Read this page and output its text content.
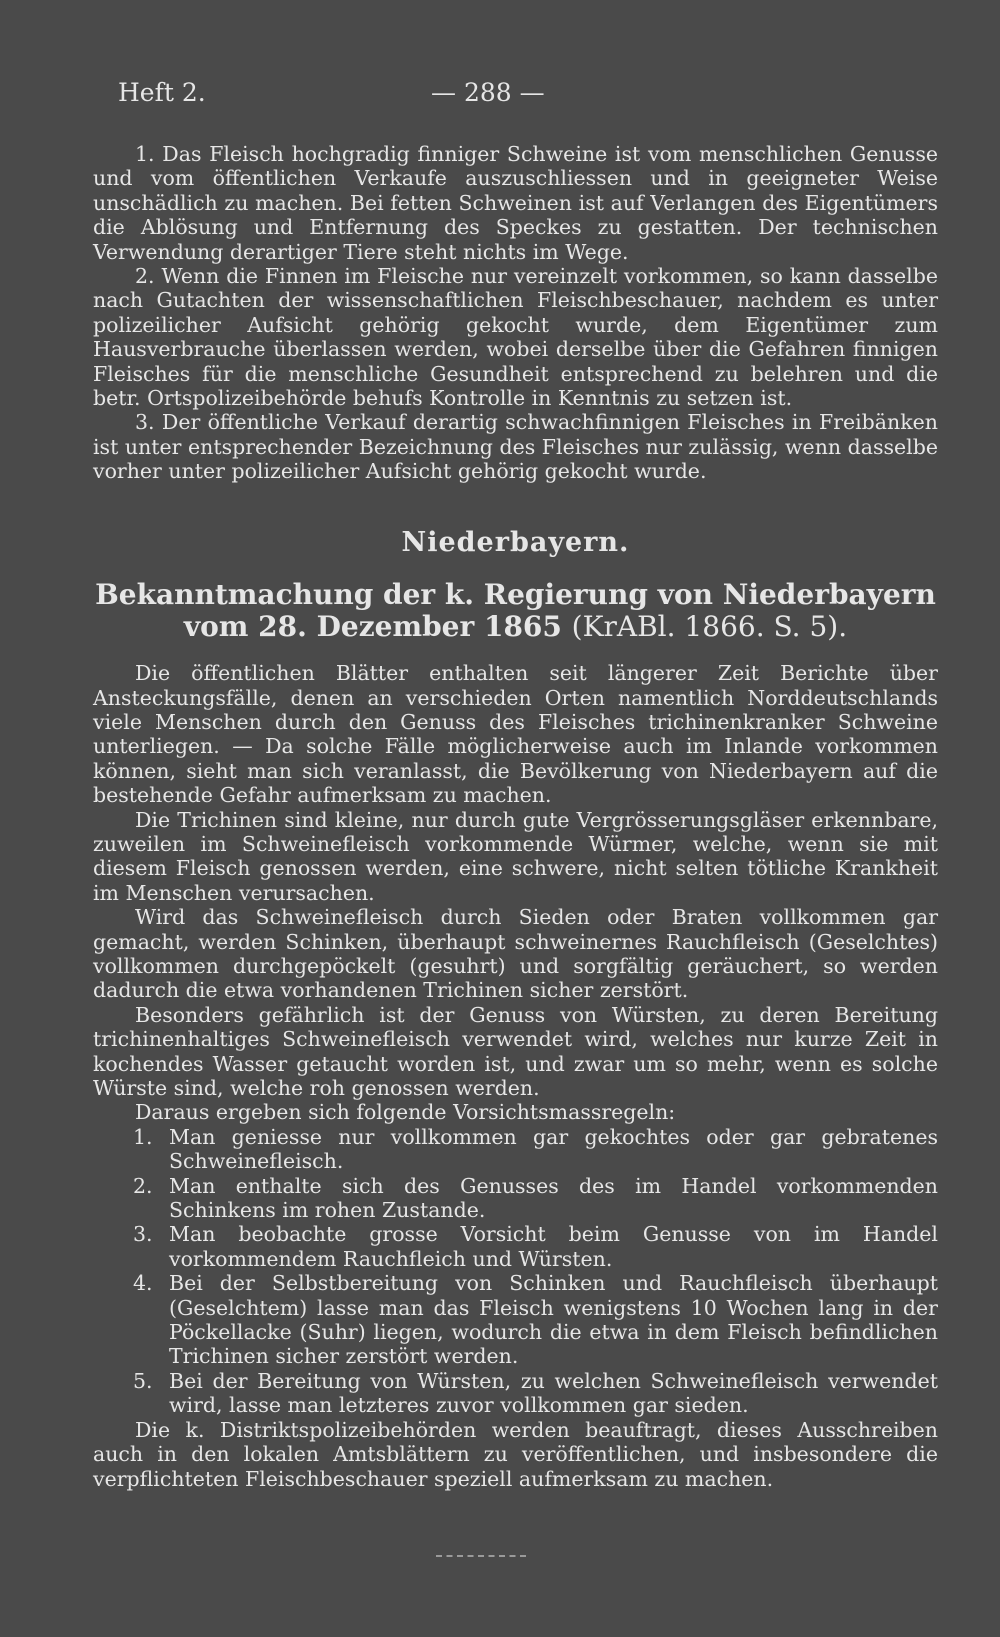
Heft 2.	— 288 —

1. Das Fleisch hochgradig finniger Schweine ist vom menschlichen Genusse und vom öffentlichen Verkaufe auszuschliessen und in geeigneter Weise unschädlich zu machen. Bei fetten Schweinen ist auf Verlangen des Eigentümers die Ablösung und Entfernung des Speckes zu gestatten. Der technischen Verwendung derartiger Tiere steht nichts im Wege.

2. Wenn die Finnen im Fleische nur vereinzelt vorkommen, so kann dasselbe nach Gutachten der wissenschaftlichen Fleischbeschauer, nachdem es unter polizeilicher Aufsicht gehörig gekocht wurde, dem Eigentümer zum Hausverbrauche überlassen werden, wobei derselbe über die Gefahren finnigen Fleisches für die menschliche Gesundheit entsprechend zu belehren und die betr. Ortspolizeibehörde behufs Kontrolle in Kenntnis zu setzen ist.

3. Der öffentliche Verkauf derartig schwachfinnigen Fleisches in Freibänken ist unter entsprechender Bezeichnung des Fleisches nur zulässig, wenn dasselbe vorher unter polizeilicher Aufsicht gehörig gekocht wurde.

Niederbayern.
Bekanntmachung der k. Regierung von Niederbayern vom 28. Dezember 1865 (KrABl. 1866. S. 5).

Die öffentlichen Blätter enthalten seit längerer Zeit Berichte über Ansteckungsfälle, denen an verschieden Orten namentlich Norddeutschlands viele Menschen durch den Genuss des Fleisches trichinenkranker Schweine unterliegen. — Da solche Fälle möglicherweise auch im Inlande vorkommen können, sieht man sich veranlasst, die Bevölkerung von Niederbayern auf die bestehende Gefahr aufmerksam zu machen.

Die Trichinen sind kleine, nur durch gute Vergrösserungsgläser erkennbare, zuweilen im Schweinefleisch vorkommende Würmer, welche, wenn sie mit diesem Fleisch genossen werden, eine schwere, nicht selten tötliche Krankheit im Menschen verursachen.

Wird das Schweinefleisch durch Sieden oder Braten vollkommen gar gemacht, werden Schinken, überhaupt schweinernes Rauchfleisch (Geselchtes) vollkommen durchgepöckelt (gesuhrt) und sorgfältig geräuchert, so werden dadurch die etwa vorhandenen Trichinen sicher zerstört.

Besonders gefährlich ist der Genuss von Würsten, zu deren Bereitung trichinenhaltiges Schweinefleisch verwendet wird, welches nur kurze Zeit in kochendes Wasser getaucht worden ist, und zwar um so mehr, wenn es solche Würste sind, welche roh genossen werden.

Daraus ergeben sich folgende Vorsichtsmassregeln:

1. Man geniesse nur vollkommen gar gekochtes oder gar gebratenes Schweinefleisch.
2. Man enthalte sich des Genusses des im Handel vorkommenden Schinkens im rohen Zustande.
3. Man beobachte grosse Vorsicht beim Genusse von im Handel vorkommendem Rauchfleich und Würsten.
4. Bei der Selbstbereitung von Schinken und Rauchfleisch überhaupt (Geselchtem) lasse man das Fleisch wenigstens 10 Wochen lang in der Pöckellacke (Suhr) liegen, wodurch die etwa in dem Fleisch befindlichen Trichinen sicher zerstört werden.
5. Bei der Bereitung von Würsten, zu welchen Schweinefleisch verwendet wird, lasse man letzteres zuvor vollkommen gar sieden.

Die k. Distriktspolizeibehörden werden beauftragt, dieses Ausschreiben auch in den lokalen Amtsblättern zu veröffentlichen, und insbesondere die verpflichteten Fleischbeschauer speziell aufmerksam zu machen.
